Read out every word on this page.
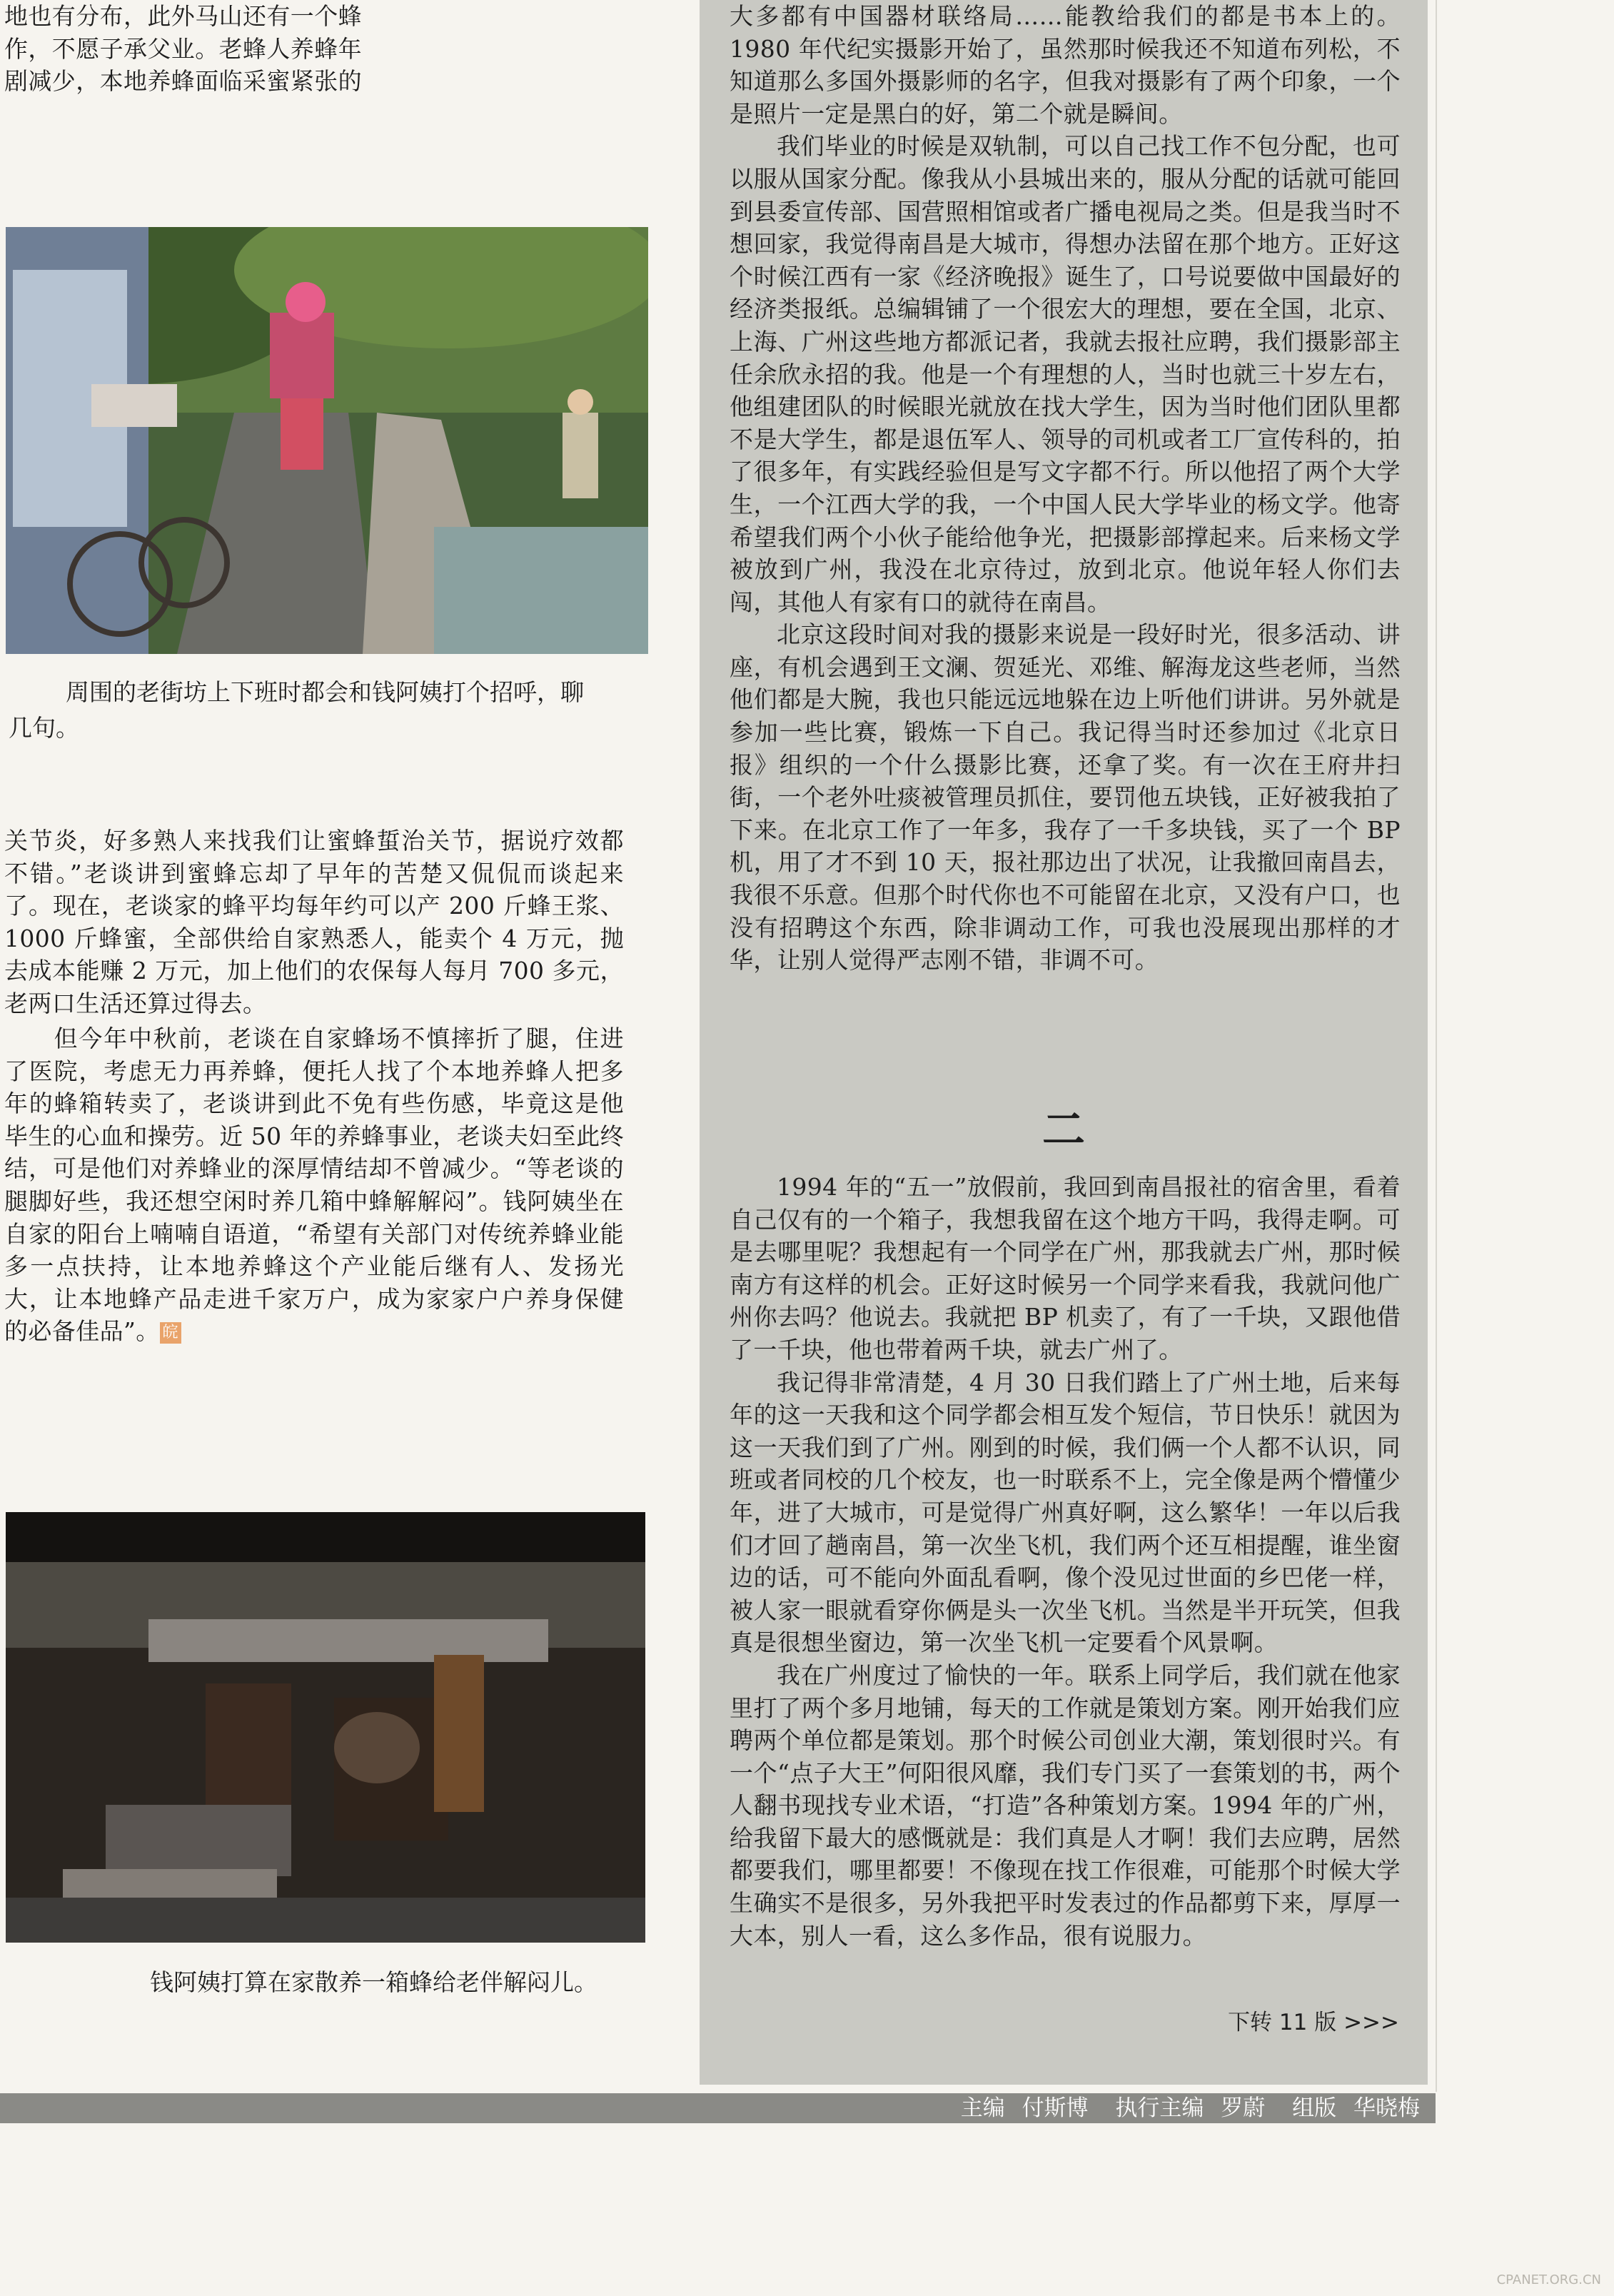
地也有分布，此外马山还有一个蜂
作，不愿子承父业。老蜂人养蜂年
剧减少，本地养蜂面临采蜜紧张的
周围的老街坊上下班时都会和钱阿姨打个招呼，聊
几句。
关节炎，好多熟人来找我们让蜜蜂蜇治关节，据说疗效都不错。”老谈讲到蜜蜂忘却了早年的苦楚又侃侃而谈起来了。现在，老谈家的蜂平均每年约可以产 200 斤蜂王浆、1000 斤蜂蜜，全部供给自家熟悉人，能卖个 4 万元，抛去成本能赚 2 万元，加上他们的农保每人每月 700 多元，老两口生活还算过得去。
　　但今年中秋前，老谈在自家蜂场不慎摔折了腿，住进了医院，考虑无力再养蜂，便托人找了个本地养蜂人把多年的蜂箱转卖了，老谈讲到此不免有些伤感，毕竟这是他毕生的心血和操劳。近 50 年的养蜂事业，老谈夫妇至此终结，可是他们对养蜂业的深厚情结却不曾减少。“等老谈的腿脚好些，我还想空闲时养几箱中蜂解解闷”。钱阿姨坐在自家的阳台上喃喃自语道，“希望有关部门对传统养蜂业能多一点扶持，让本地养蜂这个产业能后继有人、发扬光大，让本地蜂产品走进千家万户，成为家家户户养身保健的必备佳品”。 皖
钱阿姨打算在家散养一箱蜂给老伴解闷儿。

大多都有中国器材联络局……能教给我们的都是书本上的。1980 年代纪实摄影开始了，虽然那时候我还不知道布列松，不知道那么多国外摄影师的名字，但我对摄影有了两个印象，一个是照片一定是黑白的好，第二个就是瞬间。

我们毕业的时候是双轨制，可以自己找工作不包分配，也可以服从国家分配。像我从小县城出来的，服从分配的话就可能回到县委宣传部、国营照相馆或者广播电视局之类。但是我当时不想回家，我觉得南昌是大城市，得想办法留在那个地方。正好这个时候江西有一家《经济晚报》诞生了，口号说要做中国最好的经济类报纸。总编辑铺了一个很宏大的理想，要在全国，北京、上海、广州这些地方都派记者，我就去报社应聘，我们摄影部主任余欣永招的我。他是一个有理想的人，当时也就三十岁左右，他组建团队的时候眼光就放在找大学生，因为当时他们团队里都不是大学生，都是退伍军人、领导的司机或者工厂宣传科的，拍了很多年，有实践经验但是写文字都不行。所以他招了两个大学生，一个江西大学的我，一个中国人民大学毕业的杨文学。他寄希望我们两个小伙子能给他争光，把摄影部撑起来。后来杨文学被放到广州，我没在北京待过，放到北京。他说年轻人你们去闯，其他人有家有口的就待在南昌。

北京这段时间对我的摄影来说是一段好时光，很多活动、讲座，有机会遇到王文澜、贺延光、邓维、解海龙这些老师，当然他们都是大腕，我也只能远远地躲在边上听他们讲讲。另外就是参加一些比赛，锻炼一下自己。我记得当时还参加过《北京日报》组织的一个什么摄影比赛，还拿了奖。有一次在王府井扫街，一个老外吐痰被管理员抓住，要罚他五块钱，正好被我拍了下来。在北京工作了一年多，我存了一千多块钱，买了一个 BP 机，用了才不到 10 天，报社那边出了状况，让我撤回南昌去，我很不乐意。但那个时代你也不可能留在北京，又没有户口，也没有招聘这个东西，除非调动工作，可我也没展现出那样的才华，让别人觉得严志刚不错，非调不可。

二

1994 年的“五一”放假前，我回到南昌报社的宿舍里，看着自己仅有的一个箱子，我想我留在这个地方干吗，我得走啊。可是去哪里呢？我想起有一个同学在广州，那我就去广州，那时候南方有这样的机会。正好这时候另一个同学来看我，我就问他广州你去吗？他说去。我就把 BP 机卖了，有了一千块，又跟他借了一千块，他也带着两千块，就去广州了。

我记得非常清楚，4 月 30 日我们踏上了广州土地，后来每年的这一天我和这个同学都会相互发个短信，节日快乐！就因为这一天我们到了广州。刚到的时候，我们俩一个人都不认识，同班或者同校的几个校友，也一时联系不上，完全像是两个懵懂少年，进了大城市，可是觉得广州真好啊，这么繁华！一年以后我们才回了趟南昌，第一次坐飞机，我们两个还互相提醒，谁坐窗边的话，可不能向外面乱看啊，像个没见过世面的乡巴佬一样，被人家一眼就看穿你俩是头一次坐飞机。当然是半开玩笑，但我真是很想坐窗边，第一次坐飞机一定要看个风景啊。

我在广州度过了愉快的一年。联系上同学后，我们就在他家里打了两个多月地铺，每天的工作就是策划方案。刚开始我们应聘两个单位都是策划。那个时候公司创业大潮，策划很时兴。有一个“点子大王”何阳很风靡，我们专门买了一套策划的书，两个人翻书现找专业术语，“打造”各种策划方案。1994 年的广州，给我留下最大的感慨就是：我们真是人才啊！我们去应聘，居然都要我们，哪里都要！不像现在找工作很难，可能那个时候大学生确实不是很多，另外我把平时发表过的作品都剪下来，厚厚一大本，别人一看，这么多作品，很有说服力。

下转 11 版 >>>
主编 付斯博 执行主编 罗蔚 组版 华晓梅
CPANET.ORG.CN
